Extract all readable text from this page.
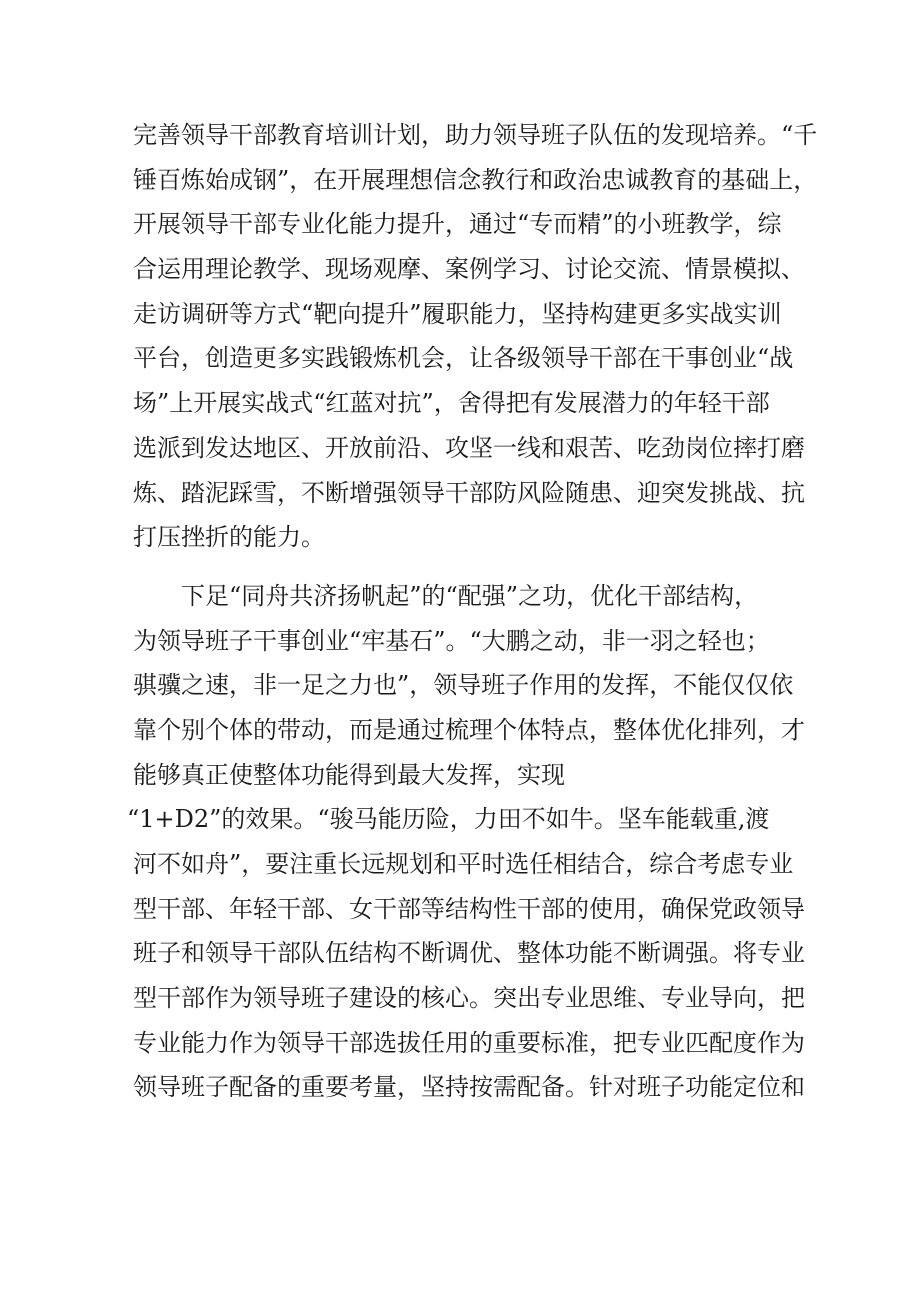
完善领导干部教育培训计划，助力领导班子队伍的发现培养。“千
锤百炼始成钢”，在开展理想信念教行和政治忠诚教育的基础上，
开展领导干部专业化能力提升，通过“专而精”的小班教学，综
合运用理论教学、现场观摩、案例学习、讨论交流、情景模拟、
走访调研等方式“靶向提升”履职能力，坚持构建更多实战实训
平台，创造更多实践锻炼机会，让各级领导干部在干事创业“战
场”上开展实战式“红蓝对抗”，舍得把有发展潜力的年轻干部
选派到发达地区、开放前沿、攻坚一线和艰苦、吃劲岗位摔打磨
炼、踏泥踩雪，不断增强领导干部防风险随患、迎突发挑战、抗
打压挫折的能力。
下足“同舟共济扬帆起”的“配强”之功，优化干部结构，
为领导班子干事创业“牢基石”。“大鹏之动，非一羽之轻也；
骐骥之速，非一足之力也”，领导班子作用的发挥，不能仅仅依
靠个别个体的带动，而是通过梳理个体特点，整体优化排列，才
能够真正使整体功能得到最大发挥，实现
“1+D2”的效果。“骏马能历险，力田不如牛。坚车能载重,渡
河不如舟”，要注重长远规划和平时选任相结合，综合考虑专业
型干部、年轻干部、女干部等结构性干部的使用，确保党政领导
班子和领导干部队伍结构不断调优、整体功能不断调强。将专业
型干部作为领导班子建设的核心。突出专业思维、专业导向，把
专业能力作为领导干部选拔任用的重要标准，把专业匹配度作为
领导班子配备的重要考量，坚持按需配备。针对班子功能定位和
